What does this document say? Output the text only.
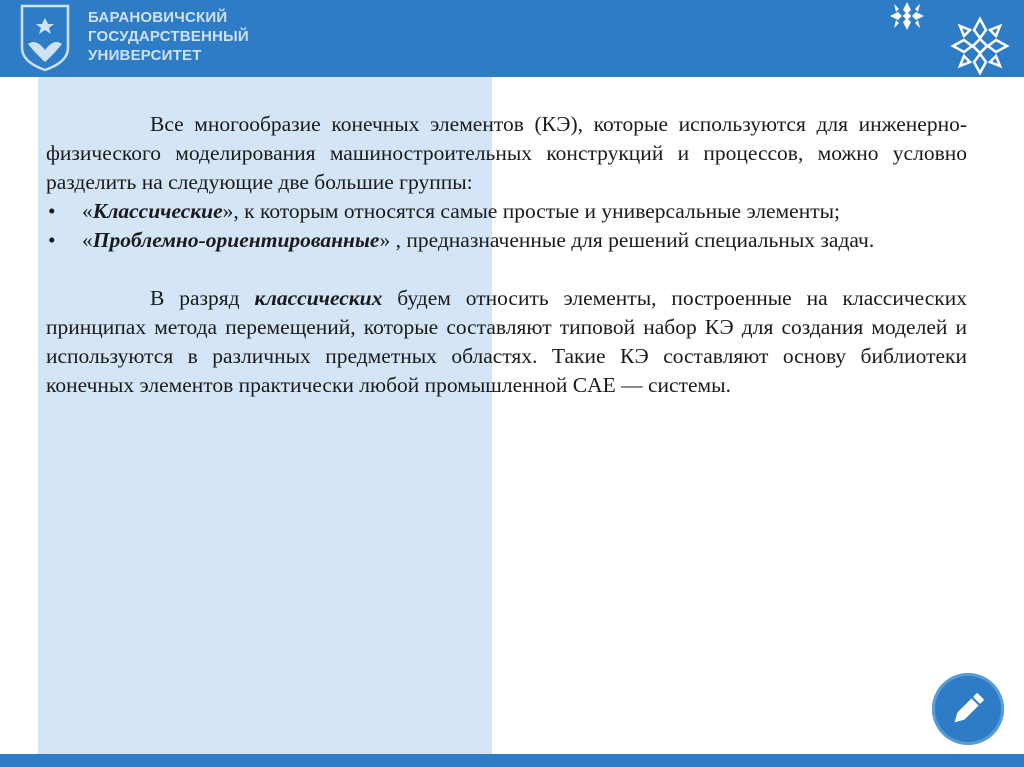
БАРАНОВИЧСКИЙ
ГОСУДАРСТВЕННЫЙ
УНИВЕРСИТЕТ

Все многообразие конечных элементов (КЭ), которые используются для инженерно-физического моделирования машиностроительных конструкций и процессов, можно условно разделить на следующие две большие группы:

• «Классические», к которым относятся самые простые и универсальные элементы;
• «Проблемно-ориентированные» , предназначенные для решений специальных задач.

В разряд классических будем относить элементы, построенные на классических принципах метода перемещений, которые составляют типовой набор КЭ для создания моделей и используются в различных предметных областях. Такие КЭ составляют основу библиотеки конечных элементов практически любой промышленной CAE — системы.
